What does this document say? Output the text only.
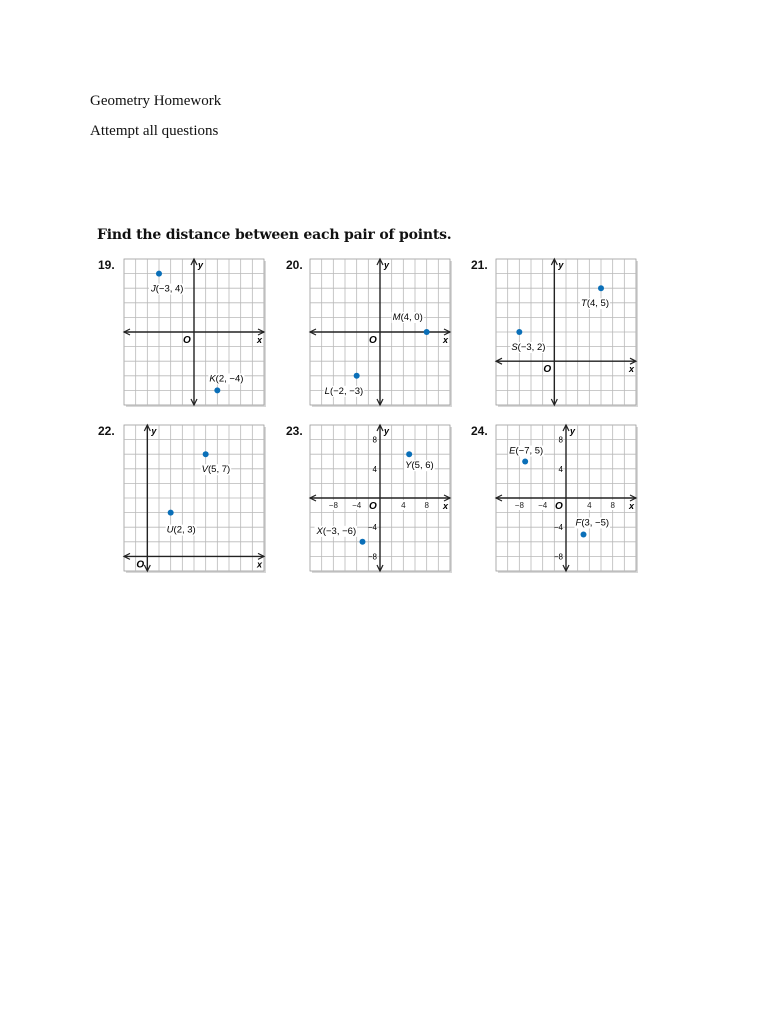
Geometry Homework
Attempt all questions
Find the distance between each pair of points.
19.
x
y
O
J(−3, 4)
K(2, −4)
20.
x
y
O
M(4, 0)
L(−2, −3)
21.
x
y
O
T(4, 5)
S(−3, 2)
22.
x
y
O
V(5, 7)
U(2, 3)
23.
x
y
O
−8 −4	4 8
8
4
−4
−8
Y(5, 6)
X(−3, −6)
24.
x
y
O
−8 −4	4 8
8
4
−4
−8
E(−7, 5)
F(3, −5)
